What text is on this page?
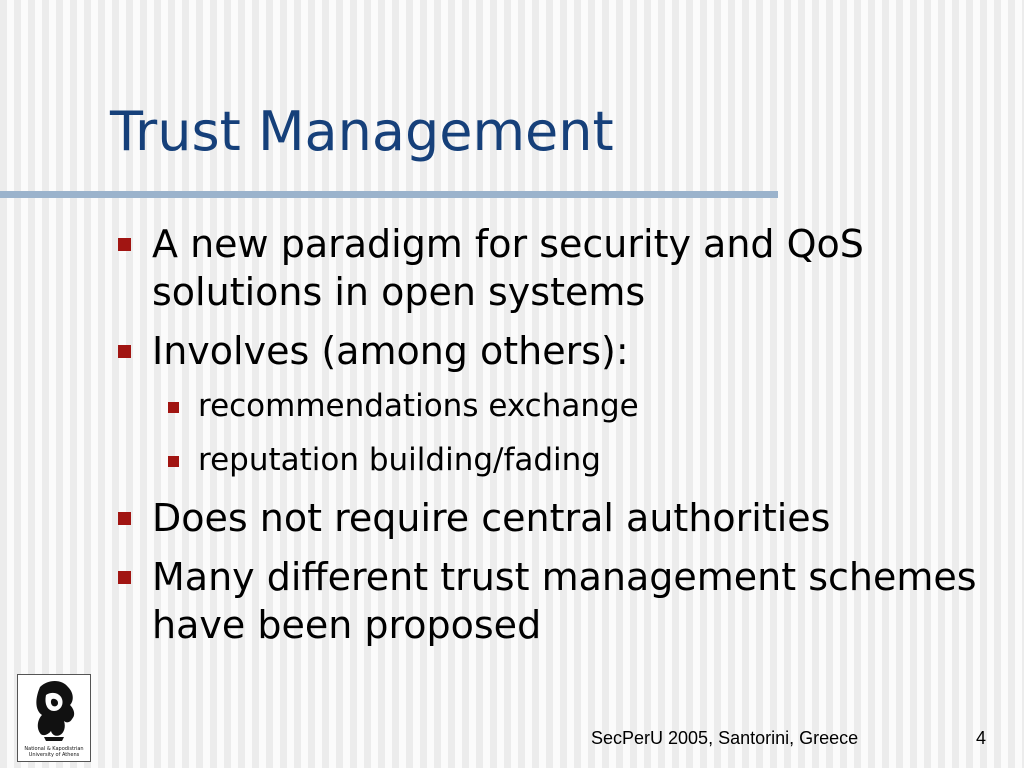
Trust Management
A new paradigm for security and QoS solutions in open systems
Involves (among others):
recommendations exchange
reputation building/fading
Does not require central authorities
Many different trust management schemes have been proposed
National & Kapodistrian
University of Athens
SecPerU 2005, Santorini, Greece	4
